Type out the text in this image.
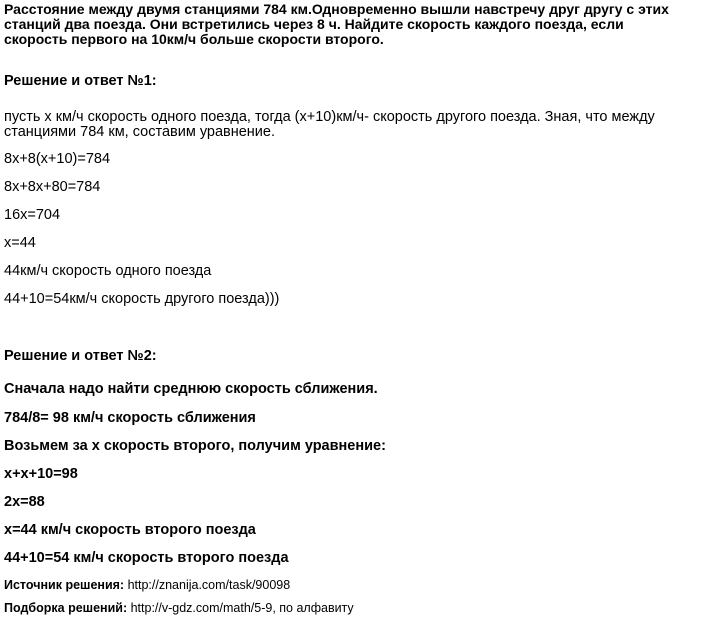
Расстояние между двумя станциями 784 км.Одновременно вышли навстречу друг другу с этих
станций два поезда. Они встретились через 8 ч. Найдите скорость каждого поезда, если
скорость первого на 10км/ч больше скорости второго.
Решение и ответ №1:
пусть х км/ч скорость одного поезда, тогда (х+10)км/ч- скорость другого поезда. Зная, что между
станциями 784 км, составим уравнение.
8х+8(х+10)=784
8х+8х+80=784
16х=704
х=44
44км/ч скорость одного поезда
44+10=54км/ч скорость другого поезда)))
Решение и ответ №2:
Сначала надо найти среднюю скорость сближения.
784/8= 98 км/ч скорость сближения
Возьмем за х скорость второго, получим уравнение:
х+х+10=98
2х=88
х=44 км/ч скорость второго поезда
44+10=54 км/ч скорость второго поезда
Источник решения: http://znanija.com/task/90098
Подборка решений: http://v-gdz.com/math/5-9, по алфавиту
